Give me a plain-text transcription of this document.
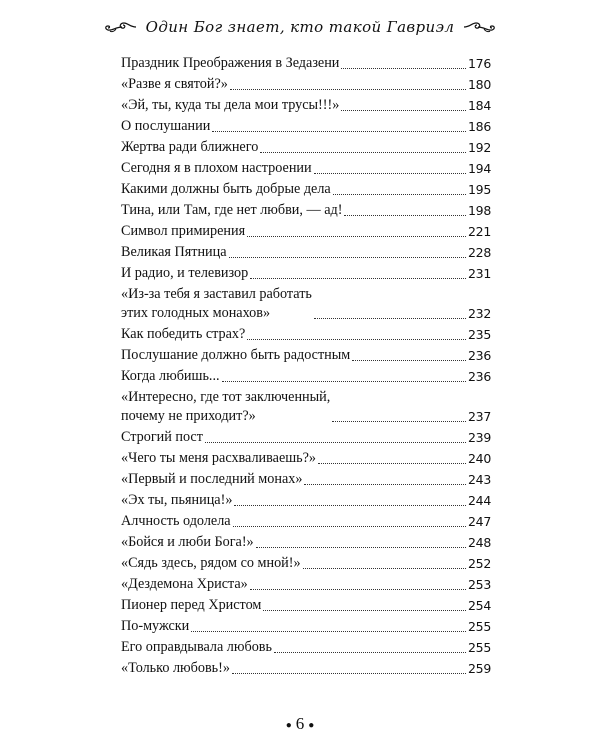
Один Бог знает, кто такой Гавриэл
Праздник Преображения в Зедазени	176
«Разве я святой?»	180
«Эй, ты, куда ты дела мои трусы!!!»	184
О послушании	186
Жертва ради ближнего	192
Сегодня я в плохом настроении	194
Какими должны быть добрые дела	195
Тина, или Там, где нет любви, — ад!	198
Символ примирения	221
Великая Пятница	228
И радио, и телевизор	231
«Из-за тебя я заставил работать
этих голодных монахов»	232
Как победить страх?	235
Послушание должно быть радостным	236
Когда любишь...	236
«Интересно, где тот заключенный,
почему не приходит?»	237
Строгий пост	239
«Чего ты меня расхваливаешь?»	240
«Первый и последний монах»	243
«Эх ты, пьяница!»	244
Алчность одолела	247
«Бойся и люби Бога!»	248
«Сядь здесь, рядом со мной!»	252
«Дездемона Христа»	253
Пионер перед Христом	254
По-мужски	255
Его оправдывала любовь	255
«Только любовь!»	259
● 6 ●
